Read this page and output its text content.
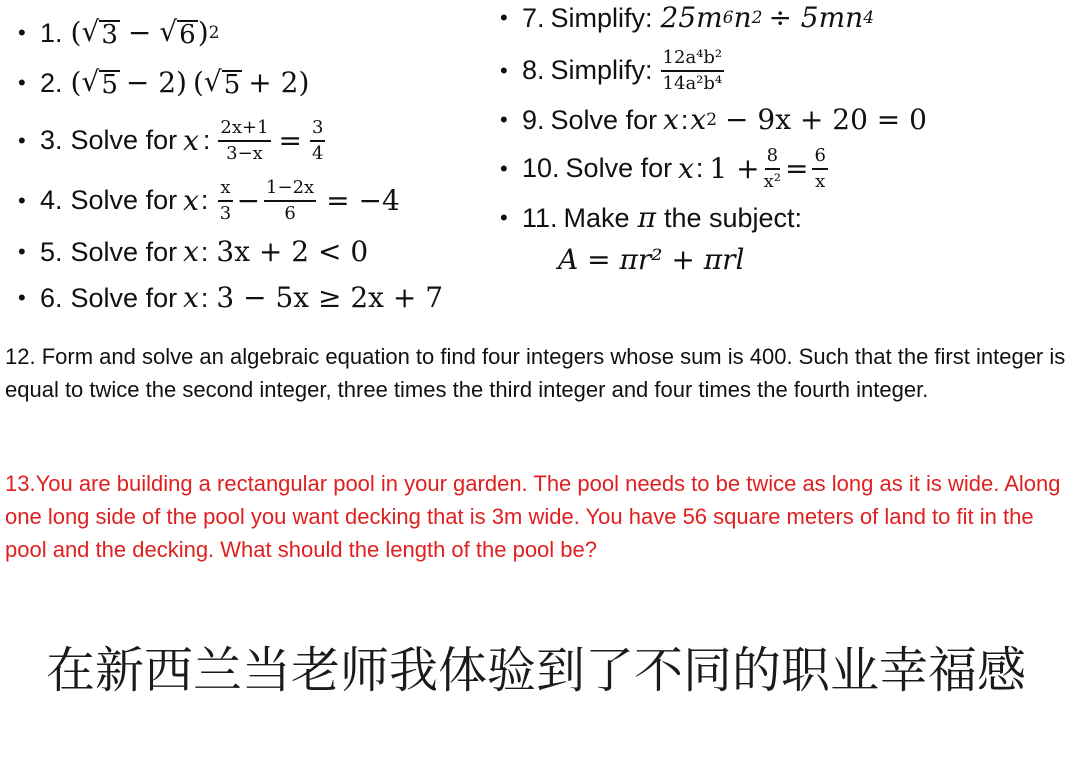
• 1. ( √ 3 − √ 6 ) 2
• 2. ( √ 5 − 2) ( √ 5 + 2)
• 3. Solve for x : $\frac{2x+1}{3-x} = \frac{3}{4}$
• 4. Solve for x : $\frac{x}{3} - \frac{1-2x}{6} = -4$
• 5. Solve for x : 3x + 2 < 0
• 6. Solve for x : 3 − 5x ≥ 2x + 7
• 7. Simplify: 25m 6 n 2 ÷ 5mn 4
• 8. Simplify: $\frac{\text{12a⁴b²}}{\text{14a²b⁴}}$
• 9. Solve for x : x 2 − 9x + 20 = 0
• 10. Solve for x : $1 + \frac{8}{\text{x²}} = \frac{6}{x}$
• 11. Make π the subject:
A = πr² + πrl
12. Form and solve an algebraic equation to find four integers whose sum is 400. Such that the first integer is equal to twice the second integer, three times the third integer and four times the fourth integer.
13.You are building a rectangular pool in your garden. The pool needs to be twice as long as it is wide. Along one long side of the pool you want decking that is 3m wide. You have 56 square meters of land to fit in the pool and the decking. What should the length of the pool be?
在新西兰当老师我体验到了不同的职业幸福感
